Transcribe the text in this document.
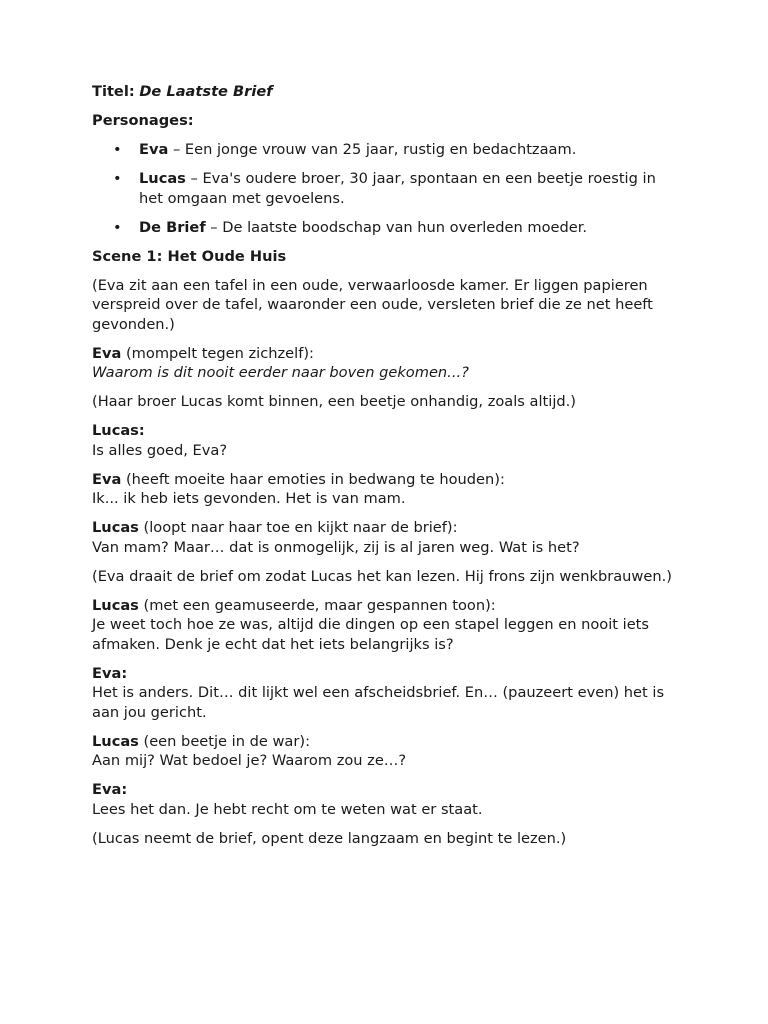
Titel: De Laatste Brief

Personages:

• Eva – Een jonge vrouw van 25 jaar, rustig en bedachtzaam.
• Lucas – Eva's oudere broer, 30 jaar, spontaan en een beetje roestig in het omgaan met gevoelens.
• De Brief – De laatste boodschap van hun overleden moeder.

Scene 1: Het Oude Huis

(Eva zit aan een tafel in een oude, verwaarloosde kamer. Er liggen papieren verspreid over de tafel, waaronder een oude, versleten brief die ze net heeft gevonden.)

Eva (mompelt tegen zichzelf):
Waarom is dit nooit eerder naar boven gekomen...?

(Haar broer Lucas komt binnen, een beetje onhandig, zoals altijd.)

Lucas:
Is alles goed, Eva?
Eva (heeft moeite haar emoties in bedwang te houden):
Ik... ik heb iets gevonden. Het is van mam.
Lucas (loopt naar haar toe en kijkt naar de brief):
Van mam? Maar… dat is onmogelijk, zij is al jaren weg. Wat is het?

(Eva draait de brief om zodat Lucas het kan lezen. Hij frons zijn wenkbrauwen.)

Lucas (met een geamuseerde, maar gespannen toon):
Je weet toch hoe ze was, altijd die dingen op een stapel leggen en nooit iets afmaken. Denk je echt dat het iets belangrijks is?
Eva:
Het is anders. Dit… dit lijkt wel een afscheidsbrief. En… (pauzeert even) het is aan jou gericht.
Lucas (een beetje in de war):
Aan mij? Wat bedoel je? Waarom zou ze…?
Eva:
Lees het dan. Je hebt recht om te weten wat er staat.

(Lucas neemt de brief, opent deze langzaam en begint te lezen.)
